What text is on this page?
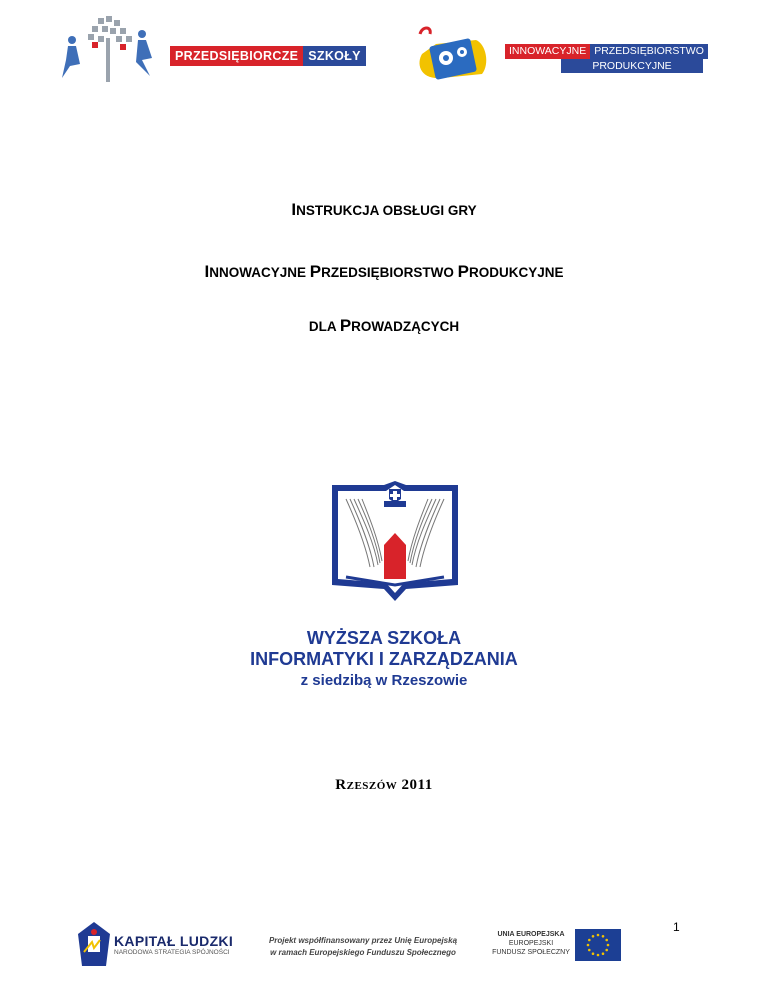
PRZEDSIĘBIORCZE SZKOŁY	INNOWACYJNE PRZEDSIĘBIORSTWO
PRODUKCYJNE
INSTRUKCJA OBSŁUGI GRY
INNOWACYJNE PRZEDSIĘBIORSTWO PRODUKCYJNE
DLA PROWADZĄCYCH
WYŻSZA SZKOŁA
INFORMATYKI I ZARZĄDZANIA
z siedzibą w Rzeszowie
RZESZÓW 2011
1
KAPITAŁ LUDZKI
NARODOWA STRATEGIA SPÓJNOŚCI
Projekt współfinansowany przez Unię Europejską
w ramach Europejskiego Funduszu Społecznego
UNIA EUROPEJSKA
EUROPEJSKI
FUNDUSZ SPOŁECZNY
